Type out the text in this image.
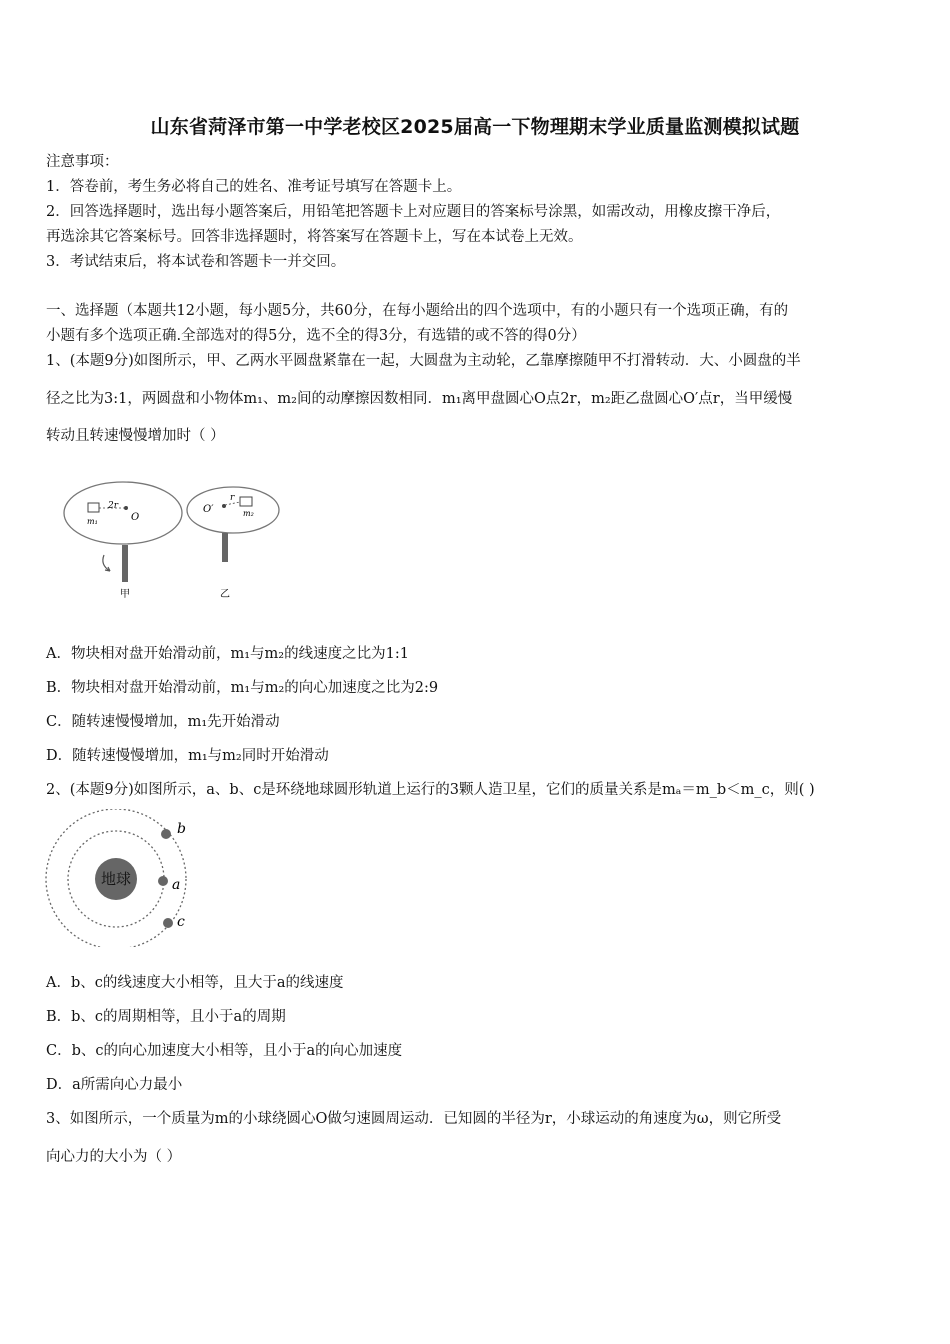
山东省菏泽市第一中学老校区2025届高一下物理期末学业质量监测模拟试题
注意事项：
1．答卷前，考生务必将自己的姓名、准考证号填写在答题卡上。
2．回答选择题时，选出每小题答案后，用铅笔把答题卡上对应题目的答案标号涂黑，如需改动，用橡皮擦干净后，
再选涂其它答案标号。回答非选择题时，将答案写在答题卡上，写在本试卷上无效。
3．考试结束后，将本试卷和答题卡一并交回。
一、选择题（本题共12小题，每小题5分，共60分，在每小题给出的四个选项中，有的小题只有一个选项正确，有的
小题有多个选项正确.全部选对的得5分，选不全的得3分，有选错的或不答的得0分）
1、(本题9分)如图所示，甲、乙两水平圆盘紧靠在一起，大圆盘为主动轮，乙靠摩擦随甲不打滑转动．大、小圆盘的半
径之比为3:1，两圆盘和小物体m₁、m₂间的动摩擦因数相同．m₁离甲盘圆心O点2r，m₂距乙盘圆心O′点r，当甲缓慢
转动且转速慢慢增加时（ ）
2r
O
m₁
O′
r
m₂
甲	乙
A．物块相对盘开始滑动前，m₁与m₂的线速度之比为1:1
B．物块相对盘开始滑动前，m₁与m₂的向心加速度之比为2:9
C．随转速慢慢增加，m₁先开始滑动
D．随转速慢慢增加，m₁与m₂同时开始滑动
2、(本题9分)如图所示，a、b、c是环绕地球圆形轨道上运行的3颗人造卫星，它们的质量关系是mₐ＝m_b＜m_c，则( )
地球	a
b
c
A．b、c的线速度大小相等，且大于a的线速度
B．b、c的周期相等，且小于a的周期
C．b、c的向心加速度大小相等，且小于a的向心加速度
D．a所需向心力最小
3、如图所示，一个质量为m的小球绕圆心O做匀速圆周运动．已知圆的半径为r，小球运动的角速度为ω，则它所受
向心力的大小为（ ）
